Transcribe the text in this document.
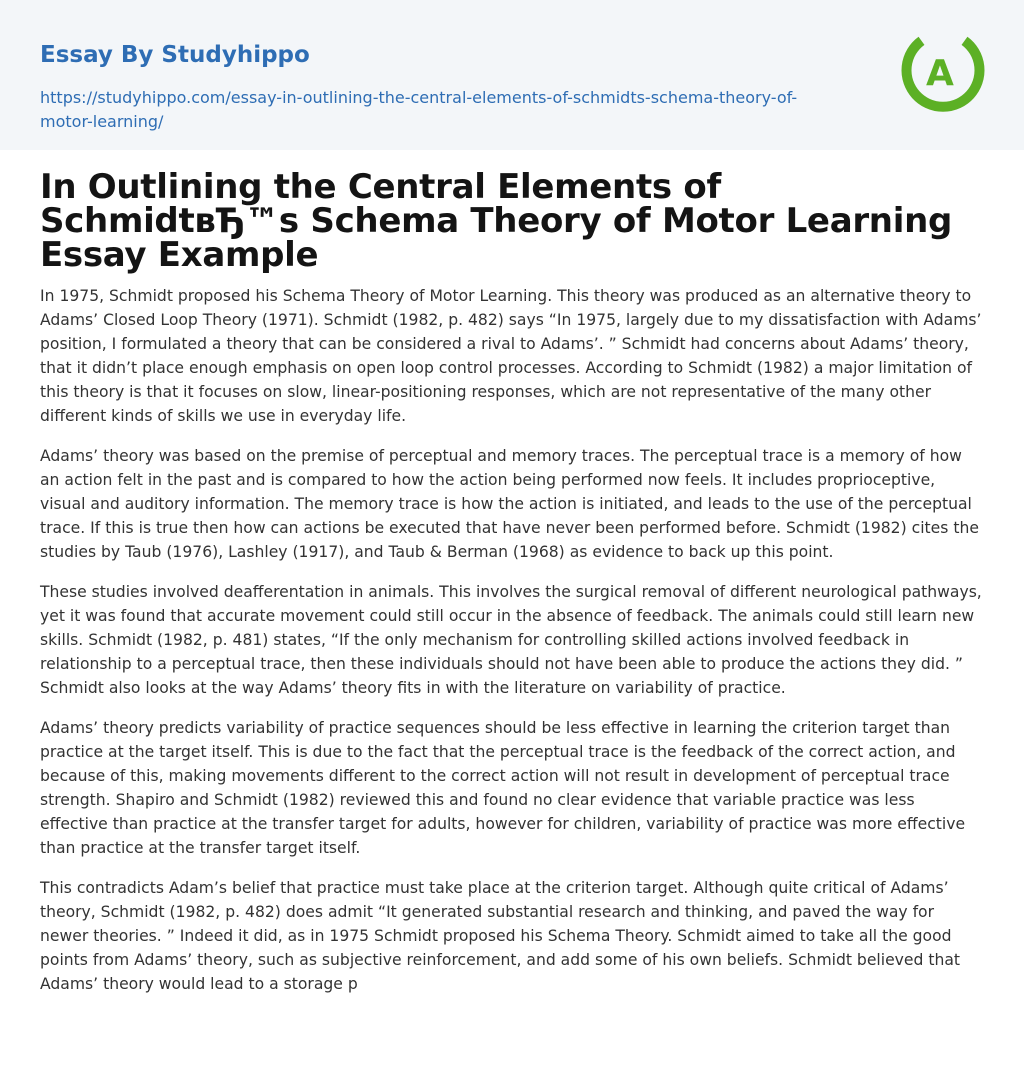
Essay By Studyhippo
https://studyhippo.com/essay-in-outlining-the-central-elements-of-schmidts-schema-theory-of-motor-learning/
A
In Outlining the Central Elements of SchmidtвЂ™s Schema Theory of Motor Learning Essay Example

In 1975, Schmidt proposed his Schema Theory of Motor Learning. This theory was produced as an alternative theory to Adams’ Closed Loop Theory (1971). Schmidt (1982, p. 482) says “In 1975, largely due to my dissatisfaction with Adams’ position, I formulated a theory that can be considered a rival to Adams’. ” Schmidt had concerns about Adams’ theory, that it didn’t place enough emphasis on open loop control processes. According to Schmidt (1982) a major limitation of this theory is that it focuses on slow, linear-positioning responses, which are not representative of the many other different kinds of skills we use in everyday life.

Adams’ theory was based on the premise of perceptual and memory traces. The perceptual trace is a memory of how an action felt in the past and is compared to how the action being performed now feels. It includes proprioceptive, visual and auditory information. The memory trace is how the action is initiated, and leads to the use of the perceptual trace. If this is true then how can actions be executed that have never been performed before. Schmidt (1982) cites the studies by Taub (1976), Lashley (1917), and Taub & Berman (1968) as evidence to back up this point.

These studies involved deafferentation in animals. This involves the surgical removal of different neurological pathways, yet it was found that accurate movement could still occur in the absence of feedback. The animals could still learn new skills. Schmidt (1982, p. 481) states, “If the only mechanism for controlling skilled actions involved feedback in relationship to a perceptual trace, then these individuals should not have been able to produce the actions they did. ” Schmidt also looks at the way Adams’ theory fits in with the literature on variability of practice.

Adams’ theory predicts variability of practice sequences should be less effective in learning the criterion target than practice at the target itself. This is due to the fact that the perceptual trace is the feedback of the correct action, and because of this, making movements different to the correct action will not result in development of perceptual trace strength. Shapiro and Schmidt (1982) reviewed this and found no clear evidence that variable practice was less effective than practice at the transfer target for adults, however for children, variability of practice was more effective than practice at the transfer target itself.

This contradicts Adam’s belief that practice must take place at the criterion target. Although quite critical of Adams’ theory, Schmidt (1982, p. 482) does admit “It generated substantial research and thinking, and paved the way for newer theories. ” Indeed it did, as in 1975 Schmidt proposed his Schema Theory. Schmidt aimed to take all the good points from Adams’ theory, such as subjective reinforcement, and add some of his own beliefs. Schmidt believed that Adams’ theory would lead to a storage p
